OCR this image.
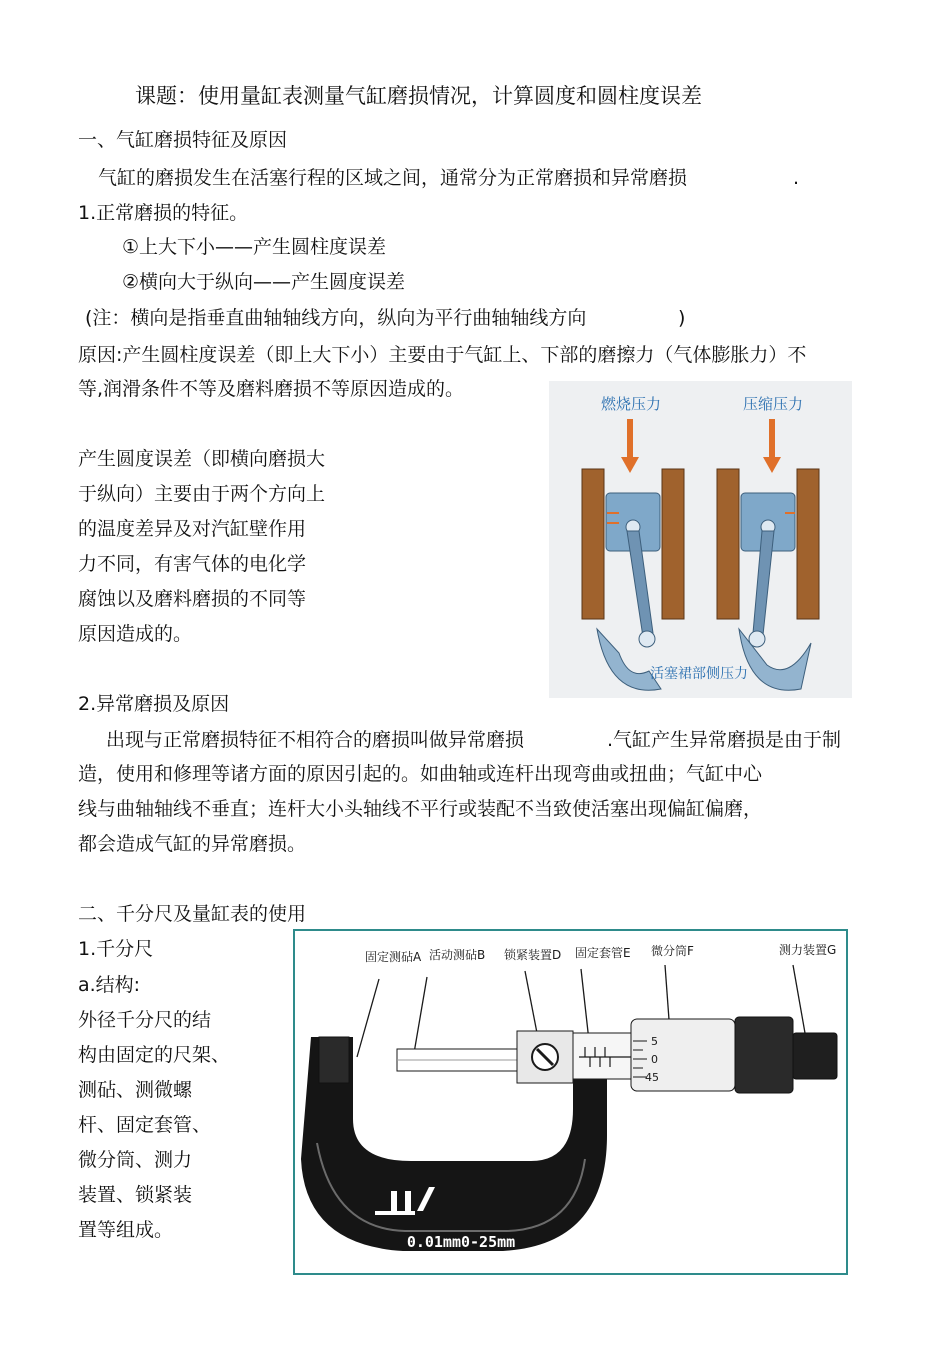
课题：使用量缸表测量气缸磨损情况，计算圆度和圆柱度误差
一、气缸磨损特征及原因
气缸的磨损发生在活塞行程的区域之间，通常分为正常磨损和异常磨损	.
1.正常磨损的特征。
①上大下小——产生圆柱度误差
②横向大于纵向——产生圆度误差
(注：横向是指垂直曲轴轴线方向，纵向为平行曲轴轴线方向	)
原因:产生圆柱度误差（即上大下小）主要由于气缸上、下部的磨擦力（气体膨胀力）不
等,润滑条件不等及磨料磨损不等原因造成的。
产生圆度误差（即横向磨损大
于纵向）主要由于两个方向上
的温度差异及对汽缸壁作用
力不同，有害气体的电化学
腐蚀以及磨料磨损的不同等
原因造成的。
燃烧压力	压缩压力
活塞裙部侧压力
2.异常磨损及原因
出现与正常磨损特征不相符合的磨损叫做异常磨损	.气缸产生异常磨损是由于制
造，使用和修理等诸方面的原因引起的。如曲轴或连杆出现弯曲或扭曲；气缸中心
线与曲轴轴线不垂直；连杆大小头轴线不平行或装配不当致使活塞出现偏缸偏磨，
都会造成气缸的异常磨损。
二、千分尺及量缸表的使用
1.千分尺
a.结构:
外径千分尺的结
构由固定的尺架、
测砧、测微螺
杆、固定套管、
微分筒、测力
装置、锁紧装
置等组成。
固定测砧A 活动测砧B 锁紧装置D 固定套管E 微分筒F	测力装置G
5
0
45
0.01mm0-25mm
